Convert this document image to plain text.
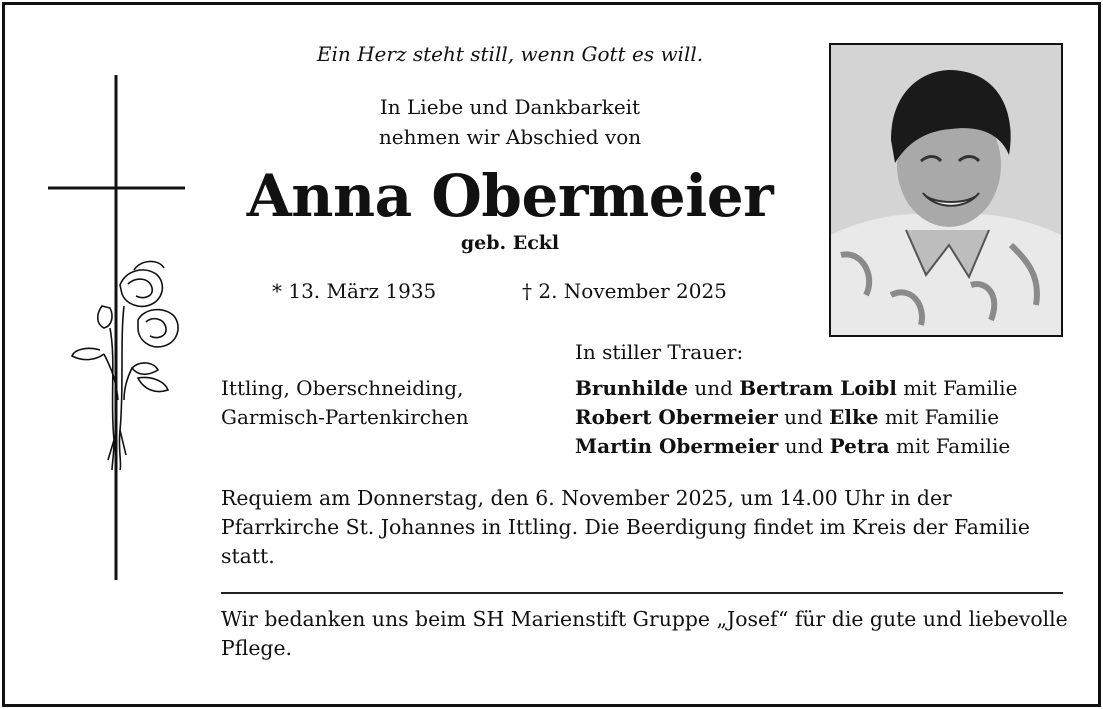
Ein Herz steht still, wenn Gott es will.
In Liebe und Dankbarkeit
nehmen wir Abschied von
Anna Obermeier
geb. Eckl
* 13. März 1935	† 2. November 2025
Ittling, Oberschneiding,
Garmisch-Partenkirchen
In stiller Trauer:
Brunhilde und Bertram Loibl mit Familie
Robert Obermeier und Elke mit Familie
Martin Obermeier und Petra mit Familie
Requiem am Donnerstag, den 6. November 2025, um 14.00 Uhr in der Pfarrkirche St. Johannes in Ittling. Die Beerdigung findet im Kreis der Familie statt.
Wir bedanken uns beim SH Marienstift Gruppe „Josef“ für die gute und liebevolle Pflege.
